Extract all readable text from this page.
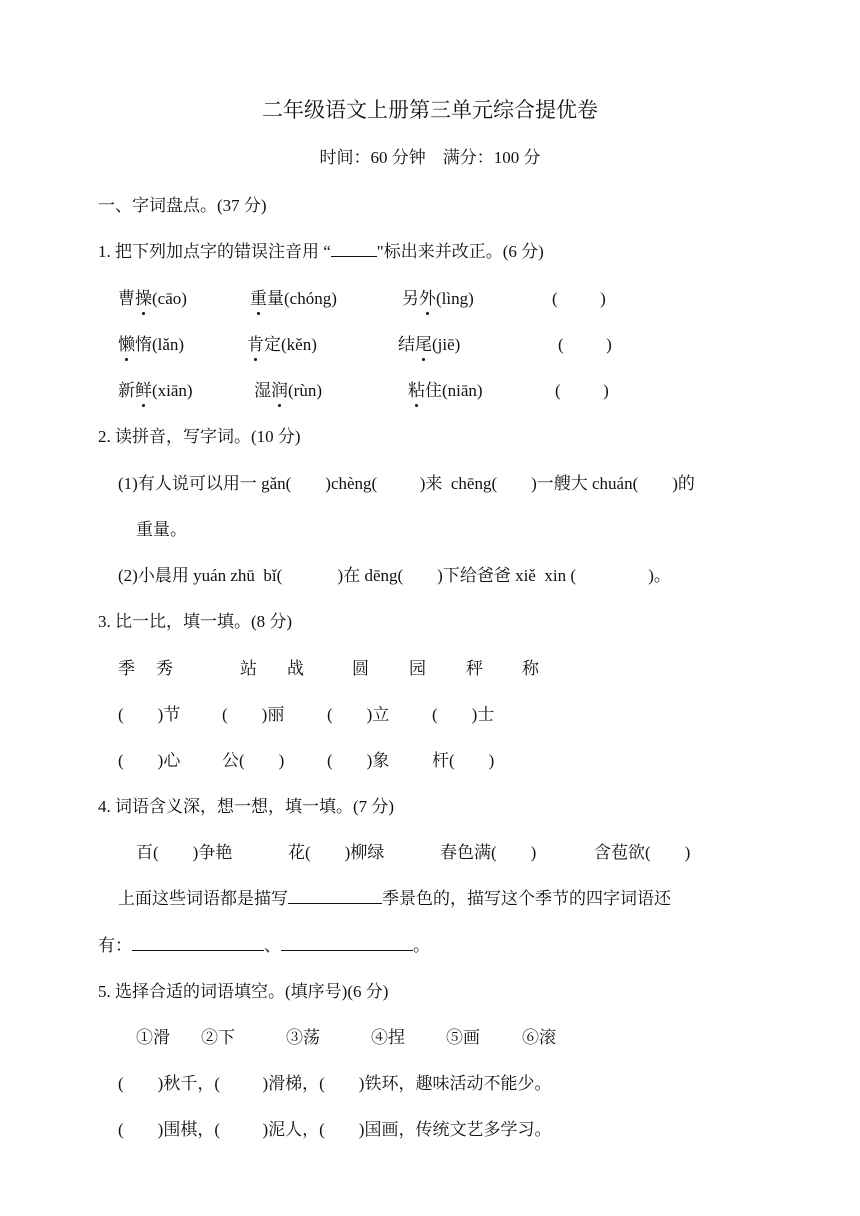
二年级语文上册第三单元综合提优卷
时间：60 分钟    满分：100 分
一、字词盘点。(37 分)
1. 把下列加点字的错误注音用 “	"标出来并改正。(6 分)
曹操(cāo)	重量(chóng)	另外(lìng)	(          )
懒惰(lǎn)	肯定(kěn)	结尾(jiē)	(          )
新鲜(xiān)	湿润(rùn)	粘住(niān)	(          )
2. 读拼音，写字词。(10 分)
(1)有人说可以用一 gǎn(        )chèng(          )来  chēng(        )一艘大 chuán(        )的
重量。
(2)小晨用 yuán zhū  bǐ(             )在 dēng(        )下给爸爸 xiě  xin (                 )。
3. 比一比，填一填。(8 分)
季 秀	站 战	圆 园 秤 称
(        )节 (        )丽	(        )立	(        )士
(        )心 公(        )	(        )象	杆(        )
4. 词语含义深，想一想，填一填。(7 分)
百(        )争艳	花(        )柳绿	春色满(        )	含苞欲(        )
上面这些词语都是描写	季景色的，描写这个季节的四字词语还
有：	、	。
5. 选择合适的词语填空。(填序号)(6 分)
①滑 ②下	③荡	④捏 ⑤画 ⑥滚
(        )秋千，(          )滑梯，(        )铁环，趣味活动不能少。
(        )围棋，(          )泥人，(        )国画，传统文艺多学习。
